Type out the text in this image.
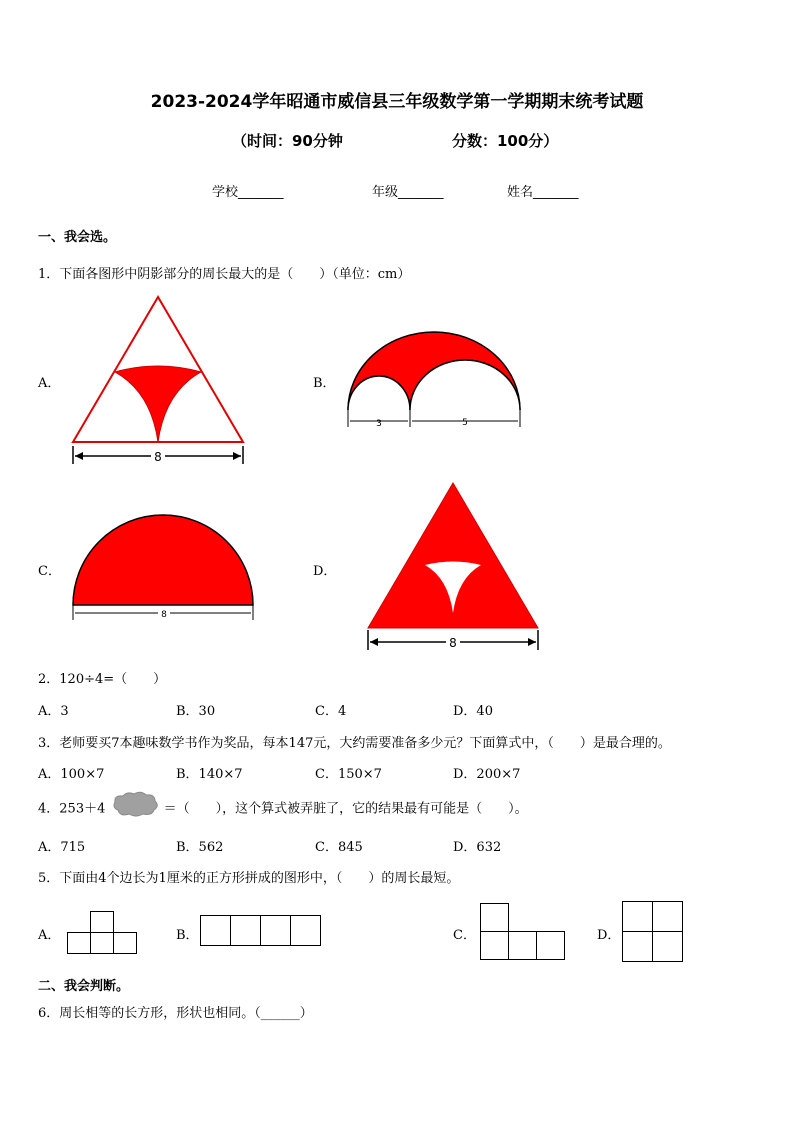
2023-2024学年昭通市威信县三年级数学第一学期期末统考试题
（时间：90分钟	分数：100分）
学校_______	年级_______	姓名_______
一、我会选。
1．下面各图形中阴影部分的周长最大的是（　　）（单位：cm）
A．
8
B．
3	5
C．
8
D．
8
2．120÷4=（　　）
A．3	B．30	C．4	D．40
3．老师要买7本趣味数学书作为奖品，每本147元，大约需要准备多少元？下面算式中，（　　）是最合理的。
A．100×7	B．140×7	C．150×7	D．200×7
4．253＋4	＝（　　），这个算式被弄脏了，它的结果最有可能是（　　）。
A．715	B．562	C．845	D．632
5．下面由4个边长为1厘米的正方形拼成的图形中，（　　）的周长最短。
A．	B．	C．	D．
二、我会判断。
6．周长相等的长方形，形状也相同。（______）
